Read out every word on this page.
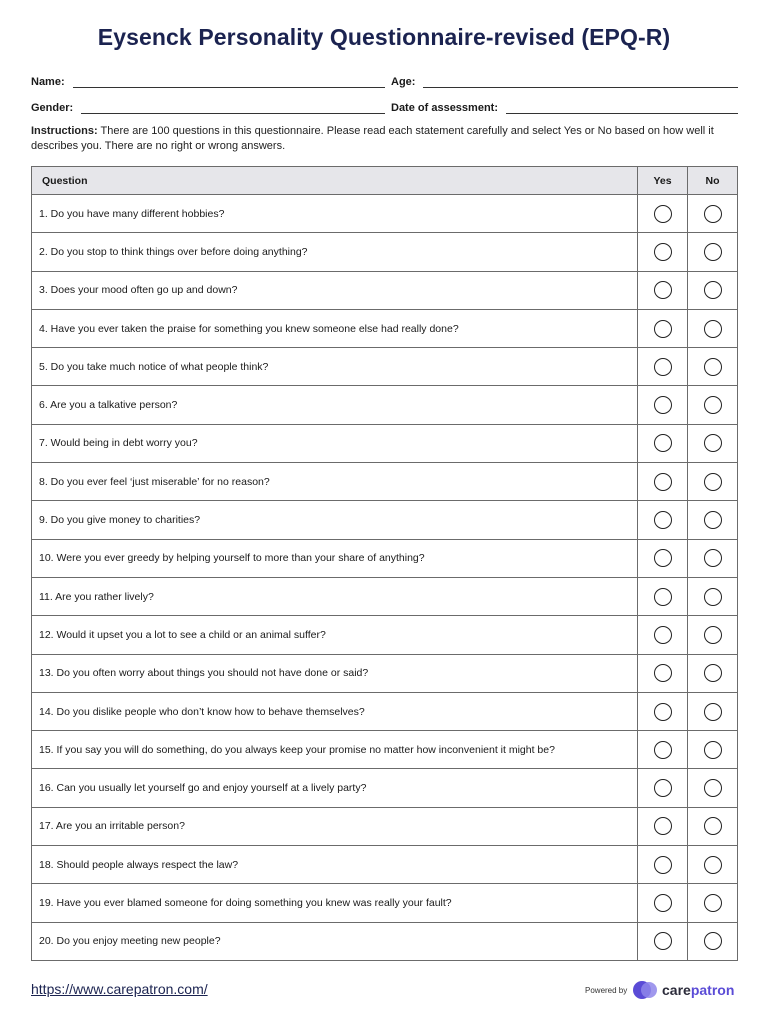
Eysenck Personality Questionnaire-revised (EPQ-R)
Name:	Age:
Gender:	Date of assessment:
Instructions: There are 100 questions in this questionnaire. Please read each statement carefully and select Yes or No based on how well it describes you. There are no right or wrong answers.
Question	Yes	No
1. Do you have many different hobbies?		
2. Do you stop to think things over before doing anything?		
3. Does your mood often go up and down?		
4. Have you ever taken the praise for something you knew someone else had really done?		
5. Do you take much notice of what people think?		
6. Are you a talkative person?		
7. Would being in debt worry you?		
8. Do you ever feel ‘just miserable’ for no reason?		
9. Do you give money to charities?		
10. Were you ever greedy by helping yourself to more than your share of anything?		
11. Are you rather lively?		
12. Would it upset you a lot to see a child or an animal suffer?		
13. Do you often worry about things you should not have done or said?		
14. Do you dislike people who don’t know how to behave themselves?		
15. If you say you will do something, do you always keep your promise no matter how inconvenient it might be?		
16. Can you usually let yourself go and enjoy yourself at a lively party?		
17. Are you an irritable person?		
18. Should people always respect the law?		
19. Have you ever blamed someone for doing something you knew was really your fault?		
20. Do you enjoy meeting new people?		
https://www.carepatron.com/	Powered by carepatron
